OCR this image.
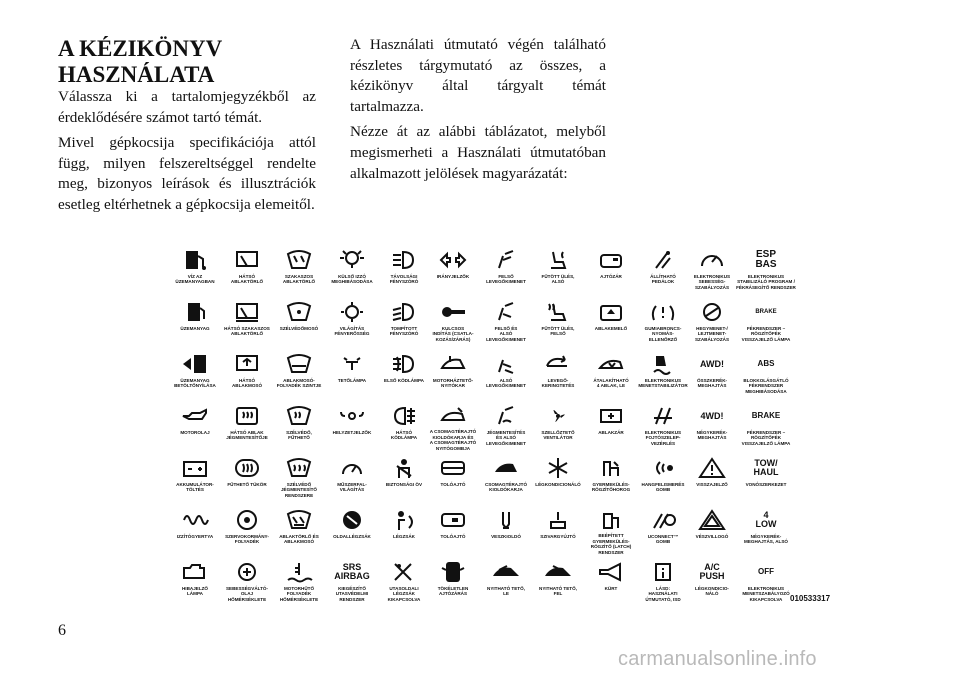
A KÉZIKÖNYV HASZNÁLATA

Válassza ki a tartalomjegyzékből az érdeklődésére számot tartó témát.

Mivel gépkocsija specifikációja attól függ, milyen felszereltséggel rendelte meg, bizonyos leírások és illusztrációk esetleg eltérhetnek a gépkocsija elemeitől.

A Használati útmutató végén található részletes tárgymutató az összes, a kézikönyv által tárgyalt témát tartalmazza.

Nézze át az alábbi táblázatot, melyből megismerheti a Használati útmutatóban alkalmazott jelölések magyarázatát:

VÍZ AZ
ÜZEMANYAGBAN
HÁTSÓ
ABLAKTÖRLŐ
SZAKASZOS
ABLAKTÖRLŐ
KÜLSŐ IZZÓ
MEGHIBÁSODÁSA
TÁVOLSÁGI
FÉNYSZÓRÓ
IRÁNYJELZŐK	FELSŐ
LEVEGŐKIMENET
FŰTÖTT ÜLÉS,
ALSÓ
AJTÓZÁR	ÁLLÍTHATÓ
PEDÁLOK
ELEKTRONIKUS
SEBESSÉG-
SZABÁLYOZÁS
ESP
BAS
ELEKTRONIKUS
STABILIZÁLÓ PROGRAM /
FÉKRÁSEGÍTŐ RENDSZER
ÜZEMANYAG	HÁTSÓ SZAKASZOS
ABLAKTÖRLŐ
SZÉLVÉDŐMOSÓ	VILÁGÍTÁS
FÉNYERŐSSÉG
TOMPÍTOTT
FÉNYSZÓRÓ
KULCSOS
INDÍTÁS (CSATLA-
KOZÁS/ZÁRÁS)
FELSŐ ÉS
ALSÓ
LEVEGŐKIMENET
FŰTÖTT ÜLÉS,
FELSŐ
ABLAKEMELŐ	GUMIABRONCS-
NYOMÁS-
ELLENŐRZŐ
HEGYMENET-/
LEJTMENET-
SZABÁLYOZÁS
BRAKE
FÉKRENDSZER –
RÖGZÍTŐFÉK
VISSZAJELZŐ LÁMPA
ÜZEMANYAG
BETÖLTŐNYÍLÁSA
HÁTSÓ
ABLAKMOSÓ
ABLAKMOSÓ-
FOLYADÉK SZINTJE
TETŐLÁMPA	ELSŐ KÖDLÁMPA	MOTORHÁZTETŐ-
NYITÓKAR
ALSÓ
LEVEGŐKIMENET
LEVEGŐ-
KERINGTETÉS
ÁTALAKÍTHATÓ
4 ABLAK, LE
ELEKTRONIKUS
MENETSTABILIZÁTOR
AWD!
ÖSSZKERÉK-
MEGHAJTÁS
ABS
BLOKKOLÁSGÁTLÓ
FÉKRENDSZER
MEGHIBÁSODÁSA
MOTOROLAJ	HÁTSÓ ABLAK
JÉGMENTESÍTŐJE
SZÉLVÉDŐ,
FŰTHETŐ
HELYZETJELZŐK	HÁTSÓ
KÖDLÁMPA
A CSOMAGTÉRAJTÓ
KIOLDÓKARJA ÉS
A CSOMAGTÉRAJTÓ
NYITÓGOMBJA
JÉGMENTESÍTÉS
ÉS ALSÓ
LEVEGŐKIMENET
SZELLŐZTETŐ
VENTILÁTOR
ABLAKZÁR	ELEKTRONIKUS
FOJTÓSZELEP-
VEZÉRLÉS
4WD!
NÉGYKERÉK-
MEGHAJTÁS
BRAKE
FÉKRENDSZER –
RÖGZÍTŐFÉK
VISSZAJELZŐ LÁMPA
AKKUMULÁTOR-
TÖLTÉS
FŰTHETŐ TÜKÖR	SZÉLVÉDŐ
JÉGMENTESÍTŐ
RENDSZERE
MŰSZERFAL-
VILÁGÍTÁS
BIZTONSÁGI ÖV	TOLÓAJTÓ	CSOMAGTÉRAJTÓ
KIOLDÓKARJA
LÉGKONDICIONÁLÓ	GYERMEKÜLÉS-
RÖGZÍTŐHOROG
HANGFELISMERÉS
GOMB
VISSZAJELZŐ
TOW/
HAUL
VONÓSZERKEZET
IZZÍTÓGYERTYA	SZERVOKORMÁNY-
FOLYADÉK
ABLAKTÖRLŐ ÉS
ABLAKMOSÓ
OLDALLÉGZSÁK	LÉGZSÁK	TOLÓAJTÓ	VESZKIOLDÓ	SZIVARGYÚJTÓ	BEÉPÍTETT
GYERMEKÜLÉS-
RÖGZÍTŐ (LATCH)
RENDSZER
UCONNECT™
GOMB
VÉSZVILLOGÓ
4
LOW
NÉGYKERÉK-
MEGHAJTÁS, ALSÓ
HIBAJELZŐ
LÁMPA
SEBESSÉGVÁLTÓ-
OLAJ
HŐMÉRSÉKLETE
MOTORHŰTŐ
FOLYADÉK
HŐMÉRSÉKLETE
SRS
AIRBAG
KIEGÉSZÍTŐ
UTASVÉDELMI
RENDSZER
UTASOLDALI
LÉGZSÁK
KIKAPCSOLVA
TÖKÉLETLEN
AJTÓZÁRÁS
NYITHATÓ TETŐ,
LE
NYITHATÓ TETŐ,
FEL
KÜRT	LÁSD:
HASZNÁLATI
ÚTMUTATÓ, ISD
A/C
PUSH
LÉGKONDICIO-
NÁLÓ
OFF
ELEKTRONIKUS
MENETSZABÁLYOZÓ
KIKAPCSOLVA 010533317
6
carmanualsonline.info
